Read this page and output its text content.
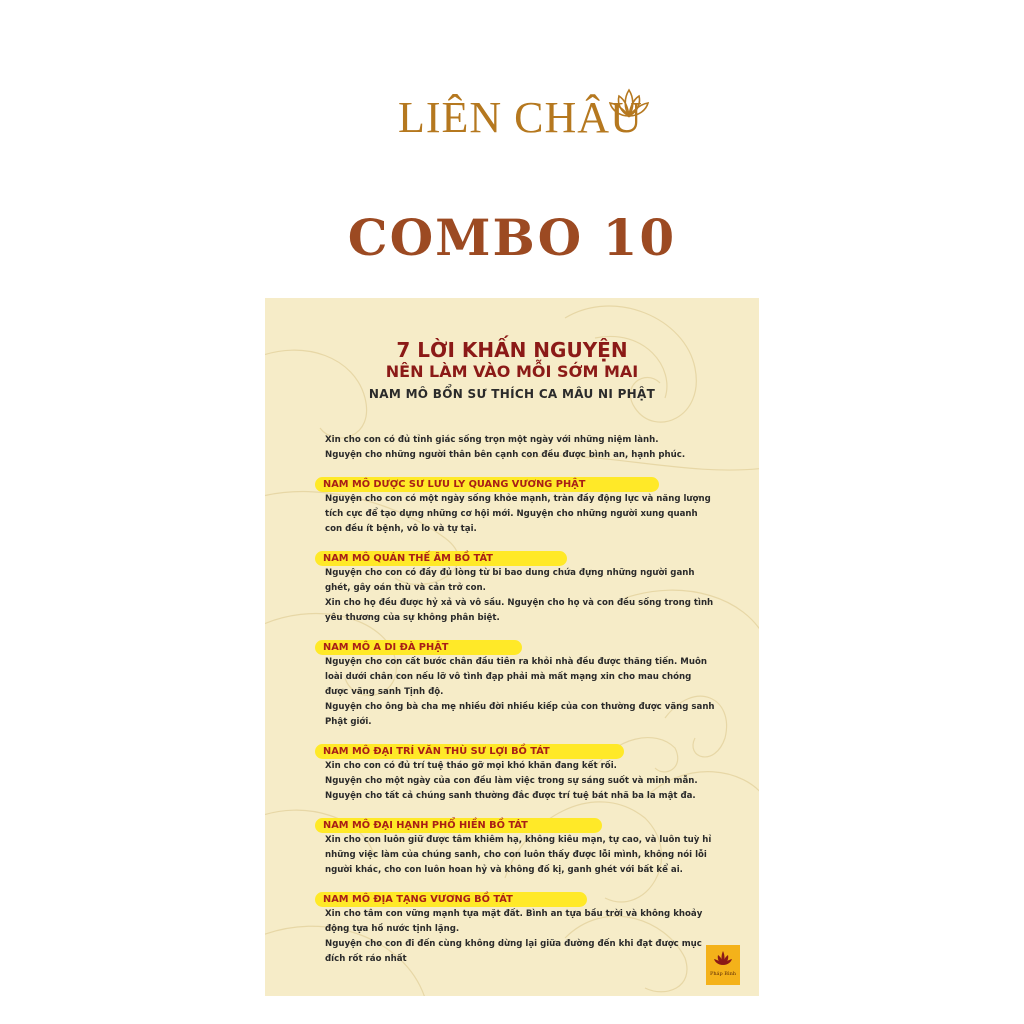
LIÊN CHÂU
COMBO 10
7 LỜI KHẤN NGUYỆN
NÊN LÀM VÀO MỖI SỚM MAI
NAM MÔ BỔN SƯ THÍCH CA MÂU NI PHẬT
Xin cho con có đủ tỉnh giác sống trọn một ngày với những niệm lành.
Nguyện cho những người thân bên cạnh con đều được bình an, hạnh phúc.
NAM MÔ DƯỢC SƯ LƯU LY QUANG VƯƠNG PHẬT
Nguyện cho con có một ngày sống khỏe mạnh, tràn đầy động lực và năng lượng tích cực để tạo dựng những cơ hội mới. Nguyện cho những người xung quanh con đều ít bệnh, vô lo và tự tại.
NAM MÔ QUÁN THẾ ÂM BỒ TÁT
Nguyện cho con có đầy đủ lòng từ bi bao dung chứa đựng những người ganh ghét, gây oán thù và cản trở con.
Xin cho họ đều được hỷ xả và vô sầu. Nguyện cho họ và con đều sống trong tình yêu thương của sự không phân biệt.
NAM MÔ A DI ĐÀ PHẬT
Nguyện cho con cất bước chân đầu tiên ra khỏi nhà đều được thăng tiến. Muôn loài dưới chân con nếu lỡ vô tình đạp phải mà mất mạng xin cho mau chóng được vãng sanh Tịnh độ.
Nguyện cho ông bà cha mẹ nhiều đời nhiều kiếp của con thường được vãng sanh Phật giới.
NAM MÔ ĐẠI TRÍ VĂN THÙ SƯ LỢI BỒ TÁT
Xin cho con có đủ trí tuệ tháo gỡ mọi khó khăn đang kết rối.
Nguyện cho một ngày của con đều làm việc trong sự sáng suốt và minh mẫn.
Nguyện cho tất cả chúng sanh thường đắc được trí tuệ bát nhã ba la mật đa.
NAM MÔ ĐẠI HẠNH PHỔ HIỀN BỒ TÁT
Xin cho con luôn giữ được tâm khiêm hạ, không kiêu mạn, tự cao, và luôn tuỳ hỉ những việc làm của chúng sanh, cho con luôn thấy được lỗi mình, không nói lỗi người khác, cho con luôn hoan hỷ và không đố kị, ganh ghét với bất kể ai.
NAM MÔ ĐỊA TẠNG VƯƠNG BỒ TÁT
Xin cho tâm con vững mạnh tựa mặt đất. Bình an tựa bầu trời và không khoảy động tựa hồ nước tịnh lặng.
Nguyện cho con đi đến cùng không dừng lại giữa đường đến khi đạt được mục đích rốt ráo nhất
Pháp Bình
